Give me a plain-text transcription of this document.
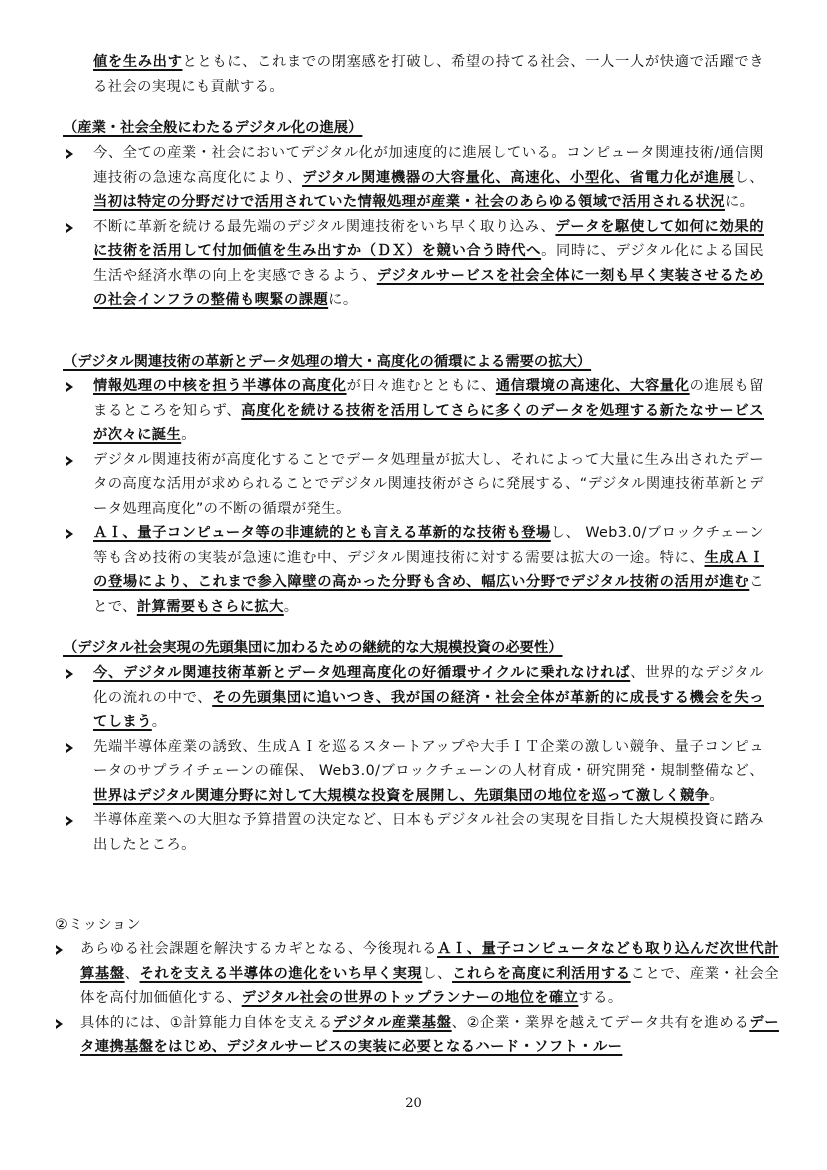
値を生み出すとともに、これまでの閉塞感を打破し、希望の持てる社会、一人一人が快適で活躍できる社会の実現にも貢献する。

（産業・社会全般にわたるデジタル化の進展）

今、全ての産業・社会においてデジタル化が加速度的に進展している。コンピュータ関連技術/通信関連技術の急速な高度化により、デジタル関連機器の大容量化、高速化、小型化、省電力化が進展し、当初は特定の分野だけで活用されていた情報処理が産業・社会のあらゆる領域で活用される状況に。

不断に革新を続ける最先端のデジタル関連技術をいち早く取り込み、データを駆使して如何に効果的に技術を活用して付加価値を生み出すか（ＤＸ）を競い合う時代へ。同時に、デジタル化による国民生活や経済水準の向上を実感できるよう、デジタルサービスを社会全体に一刻も早く実装させるための社会インフラの整備も喫緊の課題に。

（デジタル関連技術の革新とデータ処理の増大・高度化の循環による需要の拡大）

情報処理の中核を担う半導体の高度化が日々進むとともに、通信環境の高速化、大容量化の進展も留まるところを知らず、高度化を続ける技術を活用してさらに多くのデータを処理する新たなサービスが次々に誕生。

デジタル関連技術が高度化することでデータ処理量が拡大し、それによって大量に生み出されたデータの高度な活用が求められることでデジタル関連技術がさらに発展する、“デジタル関連技術革新とデータ処理高度化”の不断の循環が発生。

ＡＩ、量子コンピュータ等の非連続的とも言える革新的な技術も登場し、 Web3.0/ブロックチェーン等も含め技術の実装が急速に進む中、デジタル関連技術に対する需要は拡大の一途。特に、生成ＡＩの登場により、これまで参入障壁の高かった分野も含め、幅広い分野でデジタル技術の活用が進むことで、計算需要もさらに拡大。

（デジタル社会実現の先頭集団に加わるための継続的な大規模投資の必要性）

今、デジタル関連技術革新とデータ処理高度化の好循環サイクルに乗れなければ、世界的なデジタル化の流れの中で、その先頭集団に追いつき、我が国の経済・社会全体が革新的に成長する機会を失ってしまう。

先端半導体産業の誘致、生成ＡＩを巡るスタートアップや大手ＩＴ企業の激しい競争、量子コンピュータのサプライチェーンの確保、 Web3.0/ブロックチェーンの人材育成・研究開発・規制整備など、世界はデジタル関連分野に対して大規模な投資を展開し、先頭集団の地位を巡って激しく競争。

半導体産業への大胆な予算措置の決定など、日本もデジタル社会の実現を目指した大規模投資に踏み出したところ。

②ミッション

あらゆる社会課題を解決するカギとなる、今後現れるＡＩ、量子コンピュータなども取り込んだ次世代計算基盤、それを支える半導体の進化をいち早く実現し、これらを高度に利活用することで、産業・社会全体を高付加価値化する、デジタル社会の世界のトップランナーの地位を確立する。

具体的には、①計算能力自体を支えるデジタル産業基盤、②企業・業界を越えてデータ共有を進めるデータ連携基盤をはじめ、デジタルサービスの実装に必要となるハード・ソフト・ルー

20
